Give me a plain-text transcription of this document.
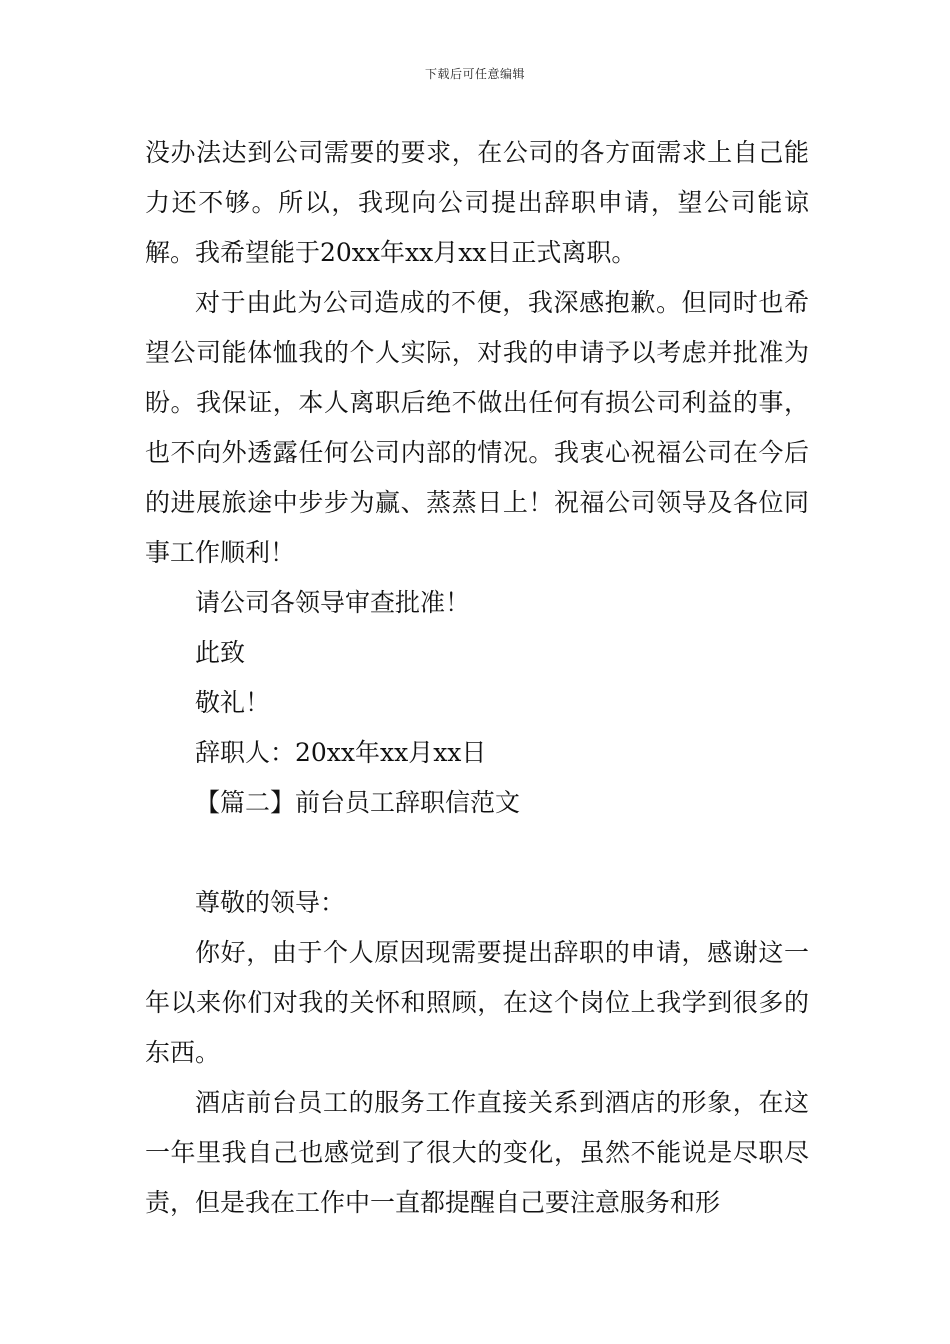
下载后可任意编辑

没办法达到公司需要的要求，在公司的各方面需求上自己能力还不够。所以，我现向公司提出辞职申请，望公司能谅解。我希望能于20xx年xx月xx日正式离职。

对于由此为公司造成的不便，我深感抱歉。但同时也希望公司能体恤我的个人实际，对我的申请予以考虑并批准为盼。我保证，本人离职后绝不做出任何有损公司利益的事，也不向外透露任何公司内部的情况。我衷心祝福公司在今后的进展旅途中步步为赢、蒸蒸日上！祝福公司领导及各位同事工作顺利！

请公司各领导审查批准！

此致

敬礼！

辞职人：20xx年xx月xx日

【篇二】前台员工辞职信范文

尊敬的领导：

你好，由于个人原因现需要提出辞职的申请，感谢这一年以来你们对我的关怀和照顾，在这个岗位上我学到很多的东西。

酒店前台员工的服务工作直接关系到酒店的形象，在这一年里我自己也感觉到了很大的变化，虽然不能说是尽职尽责，但是我在工作中一直都提醒自己要注意服务和形
